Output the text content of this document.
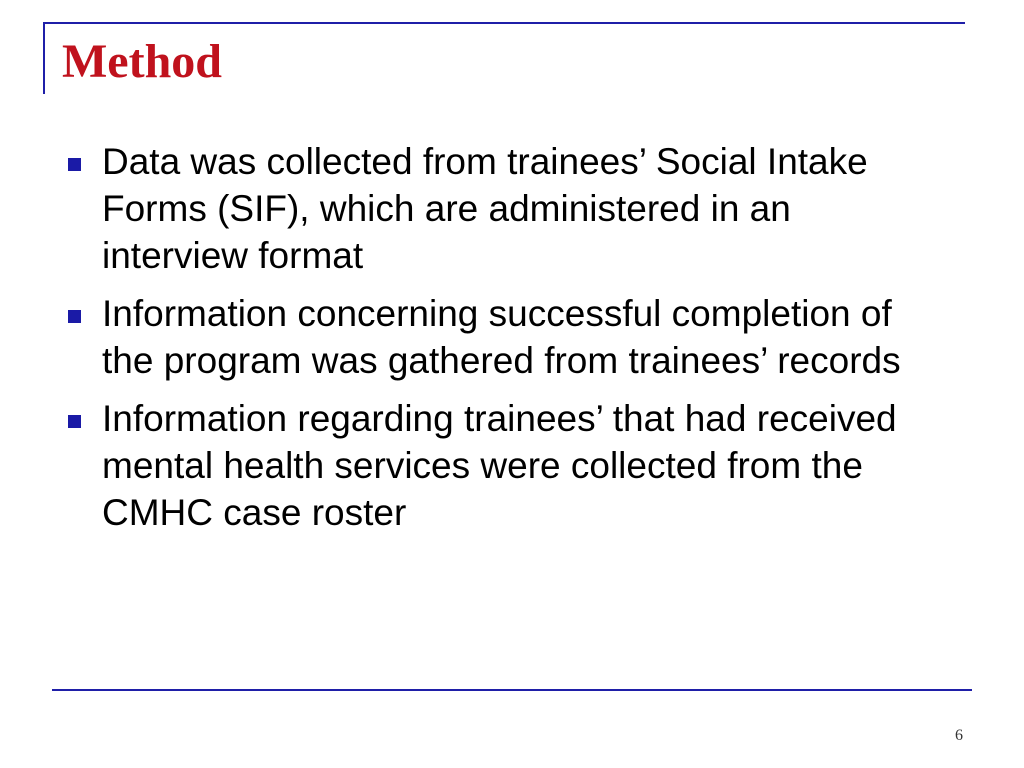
Method
Data was collected from trainees’ Social Intake Forms (SIF), which are administered in an interview format
Information concerning successful completion of the program was gathered from trainees’ records
Information regarding trainees’ that had received mental health services were collected from the CMHC case roster
6
